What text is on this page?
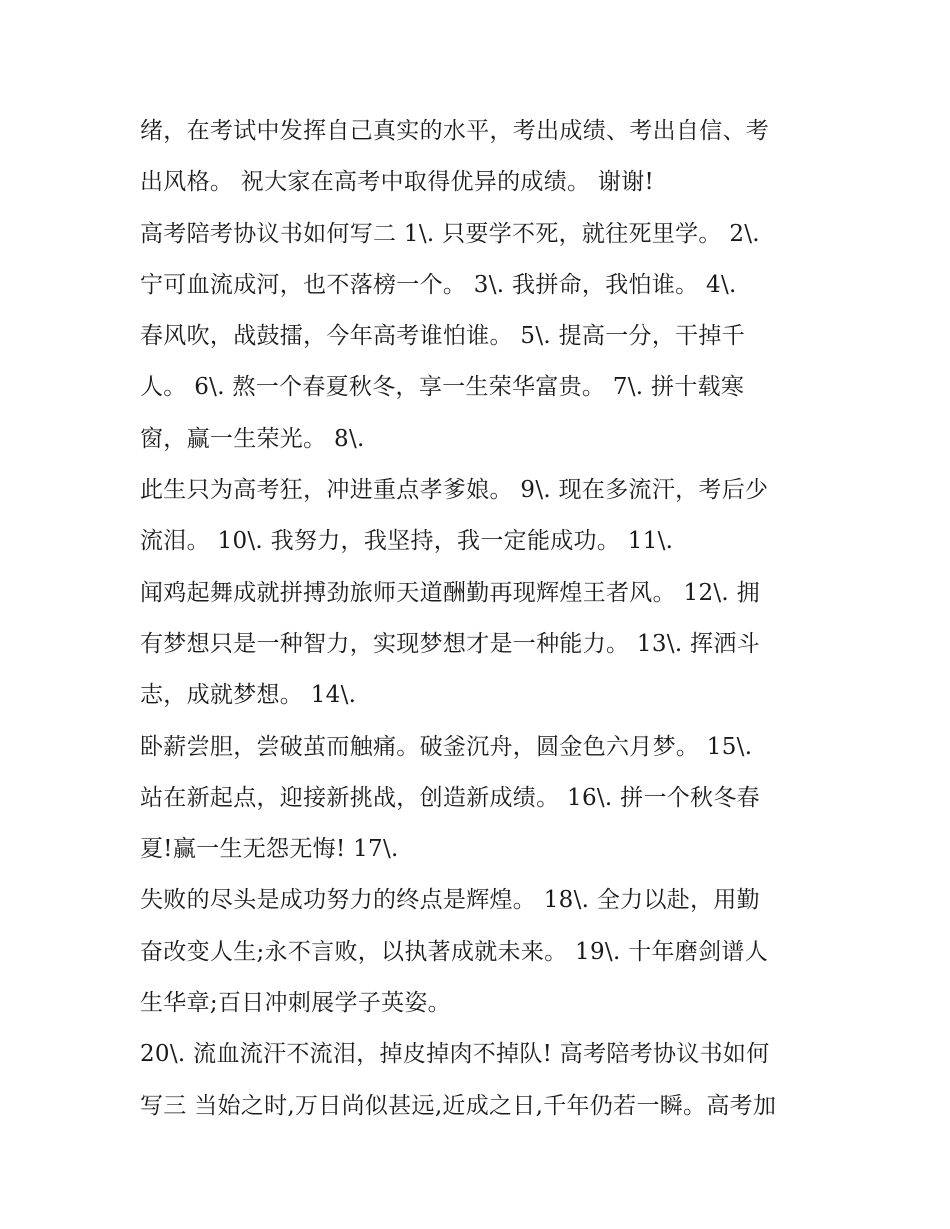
绪，在考试中发挥自己真实的水平，考出成绩、考出自信、考
出风格。 祝大家在高考中取得优异的成绩。 谢谢!
高考陪考协议书如何写二 1\. 只要学不死，就往死里学。 2\.
宁可血流成河，也不落榜一个。 3\. 我拼命，我怕谁。 4\.
春风吹，战鼓擂，今年高考谁怕谁。 5\. 提高一分，干掉千
人。 6\. 熬一个春夏秋冬，享一生荣华富贵。 7\. 拼十载寒
窗，赢一生荣光。 8\.
此生只为高考狂，冲进重点孝爹娘。 9\. 现在多流汗，考后少
流泪。 10\. 我努力，我坚持，我一定能成功。 11\.
闻鸡起舞成就拼搏劲旅师天道酬勤再现辉煌王者风。 12\. 拥
有梦想只是一种智力，实现梦想才是一种能力。 13\. 挥洒斗
志，成就梦想。 14\.
卧薪尝胆，尝破茧而触痛。破釜沉舟，圆金色六月梦。 15\.
站在新起点，迎接新挑战，创造新成绩。 16\. 拼一个秋冬春
夏!赢一生无怨无悔! 17\.
失败的尽头是成功努力的终点是辉煌。 18\. 全力以赴，用勤
奋改变人生;永不言败，以执著成就未来。 19\. 十年磨剑谱人
生华章;百日冲刺展学子英姿。
20\. 流血流汗不流泪，掉皮掉肉不掉队! 高考陪考协议书如何
写三 当始之时,万日尚似甚远,近成之日,千年仍若一瞬。高考加
